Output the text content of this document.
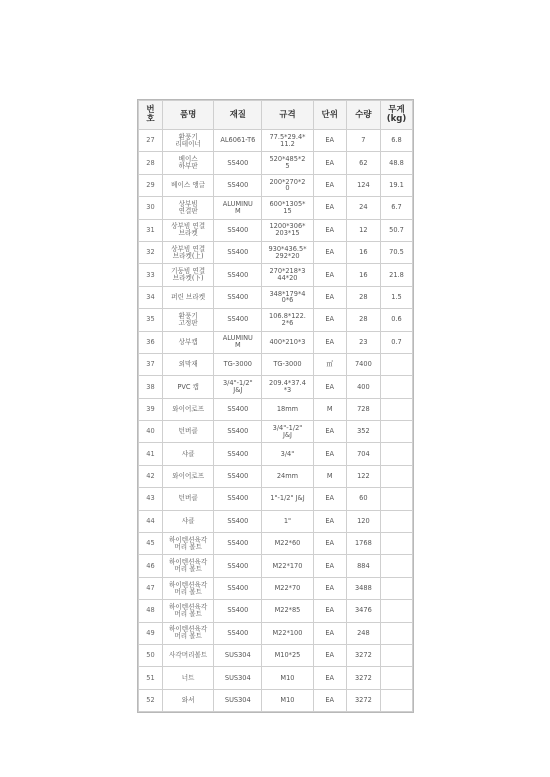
번
호	품명	재질	규격	단위	수량	무게
(kg)
27	환풍기
리테이너	AL6061-T6	77.5*29.4*
11.2	EA	7	6.8
28	베이스
하부판	SS400	520*485*2
5	EA	62	48.8
29	베이스 앵글	SS400	200*270*2
0	EA	124	19.1
30	상부빔
연결판	ALUMINU
M	600*1305*
15	EA	24	6.7
31	상부빔 연결
브라켓	SS400	1200*306*
203*15	EA	12	50.7
32	상부빔 연결
브라켓(上)	SS400	930*436.5*
292*20	EA	16	70.5
33	기둥빔 연결
브라켓(下)	SS400	270*218*3
44*20	EA	16	21.8
34	퍼린 브라켓	SS400	348*179*4
0*6	EA	28	1.5
35	환풍기
고정판	SS400	106.8*122.
2*6	EA	28	0.6
36	상부캡	ALUMINU
M	400*210*3	EA	23	0.7
37	외막재	TG-3000	TG-3000	㎡	7400	
38	PVC 캡	3/4"-1/2"
J&J	209.4*37.4
*3	EA	400	
39	와이어로프	SS400	18mm	M	728	
40	턴버클	SS400	3/4"-1/2"
J&J	EA	352	
41	샤클	SS400	3/4"	EA	704	
42	와이어로프	SS400	24mm	M	122	
43	턴버클	SS400	1"-1/2" J&J	EA	60	
44	샤클	SS400	1"	EA	120	
45	하이텐션육각
머리 볼트	SS400	M22*60	EA	1768	
46	하이텐션육각
머리 볼트	SS400	M22*170	EA	884	
47	하이텐션육각
머리 볼트	SS400	M22*70	EA	3488	
48	하이텐션육각
머리 볼트	SS400	M22*85	EA	3476	
49	하이텐션육각
머리 볼트	SS400	M22*100	EA	248	
50	사각머리볼트	SUS304	M10*25	EA	3272	
51	너트	SUS304	M10	EA	3272	
52	와셔	SUS304	M10	EA	3272	
